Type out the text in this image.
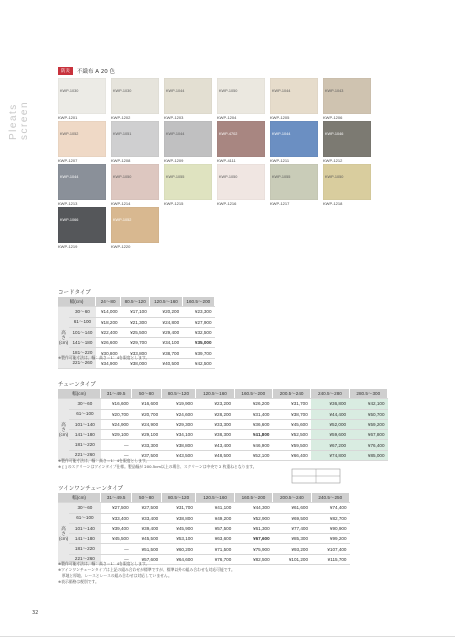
Pleats screen
防炎	不織布 A 20 色
KWP-1030
KWP-1201
KWP-1030
KWP-1202
KWP-1044
KWP-1203
KWP-1050
KWP-1204
KWP-1044
KWP-1205
KWP-1043
KWP-1206
KWP-1052
KWP-1207
KWP-1051
KWP-1208
KWP-1044
KWP-1209
KWP-4702
KWP-4111
KWP-1044
KWP-1211
KWP-1046
KWP-1212
KWP-1044
KWP-1213
KWP-1050
KWP-1214
KWP-1055
KWP-1215
KWP-1050
KWP-1216
KWP-1055
KWP-1217
KWP-1050
KWP-1218
KWP-1066
KWP-1219
KWP-1052
KWP-1220
コードタイプ
幅(cm)		24〜80	80.5〜120	120.5〜160	160.5〜200
高さ(cm)	30〜60	¥14,000	¥17,100	¥20,200	¥23,300
	61〜100	¥18,200	¥21,300	¥24,800	¥27,900
	101〜140	¥22,400	¥25,500	¥29,400	¥32,500
	141〜180	¥26,600	¥29,700	¥34,100	¥35,000
	181〜220	¥30,800	¥33,800	¥38,700	¥39,700
	221〜260	¥34,900	¥38,000	¥40,500	¥42,500
※製作可能寸法は、幅：高さ＝1：4を限度とします。
チェーンタイプ
幅(cm)		31〜49.5	50〜80	80.5〜120	120.5〜160	160.5〜200	200.5〜240	240.5〜280	280.5〜300
高さ(cm)	30〜60	¥16,600	¥16,600	¥19,900	¥23,200	¥26,200	¥31,700	¥36,800	¥42,100
	61〜100	¥20,700	¥20,700	¥24,600	¥28,200	¥31,400	¥38,700	¥44,400	¥50,700
	101〜140	¥24,900	¥24,900	¥29,300	¥33,300	¥36,600	¥45,600	¥52,000	¥59,200
	141〜180	¥29,100	¥29,100	¥34,100	¥38,300	¥41,800	¥52,500	¥59,600	¥67,800
	181〜220	—	¥33,300	¥38,800	¥43,400	¥46,900	¥59,500	¥67,200	¥76,400
	221〜260	—	¥37,500	¥43,500	¥48,500	¥52,100	¥66,400	¥74,800	¥85,000
※製作可能寸法は、幅：高さ＝1：4を限度とします。
※ [ ] のスクリーンはツインタイプ仕様。製品幅が 200.5cm以上の場合、スクリーンは中央で 2 枚重ねとなります。
ツインワンチェーンタイプ
幅(cm)		31〜49.5	50〜80	80.5〜120	120.5〜160	160.5〜200	200.5〜240	240.5〜250
高さ(cm)	30〜60	¥27,500	¥27,500	¥31,700	¥41,100	¥44,300	¥61,600	¥74,400
	61〜100	¥33,400	¥33,400	¥38,800	¥49,200	¥52,900	¥69,500	¥82,700
	101〜140	¥39,400	¥39,400	¥45,900	¥57,500	¥61,300	¥77,400	¥90,900
	141〜180	¥45,500	¥45,500	¥53,100	¥63,600	¥67,600	¥85,300	¥99,200
	181〜220	—	¥51,500	¥60,200	¥71,500	¥75,900	¥93,200	¥107,400
	221〜260	—	¥57,600	¥64,600	¥76,700	¥82,500	¥101,200	¥115,700
※製作可能寸法は、幅：高さ＝1：4を限度とします。
※ツインワンチェーンタイプは上記の組み合わせが標準ですが、標準以外の組み合わせも対応可能です。
　厚地と厚地、レースとレースの組み合わせは対応していません。
※表示価格は税別です。
32
